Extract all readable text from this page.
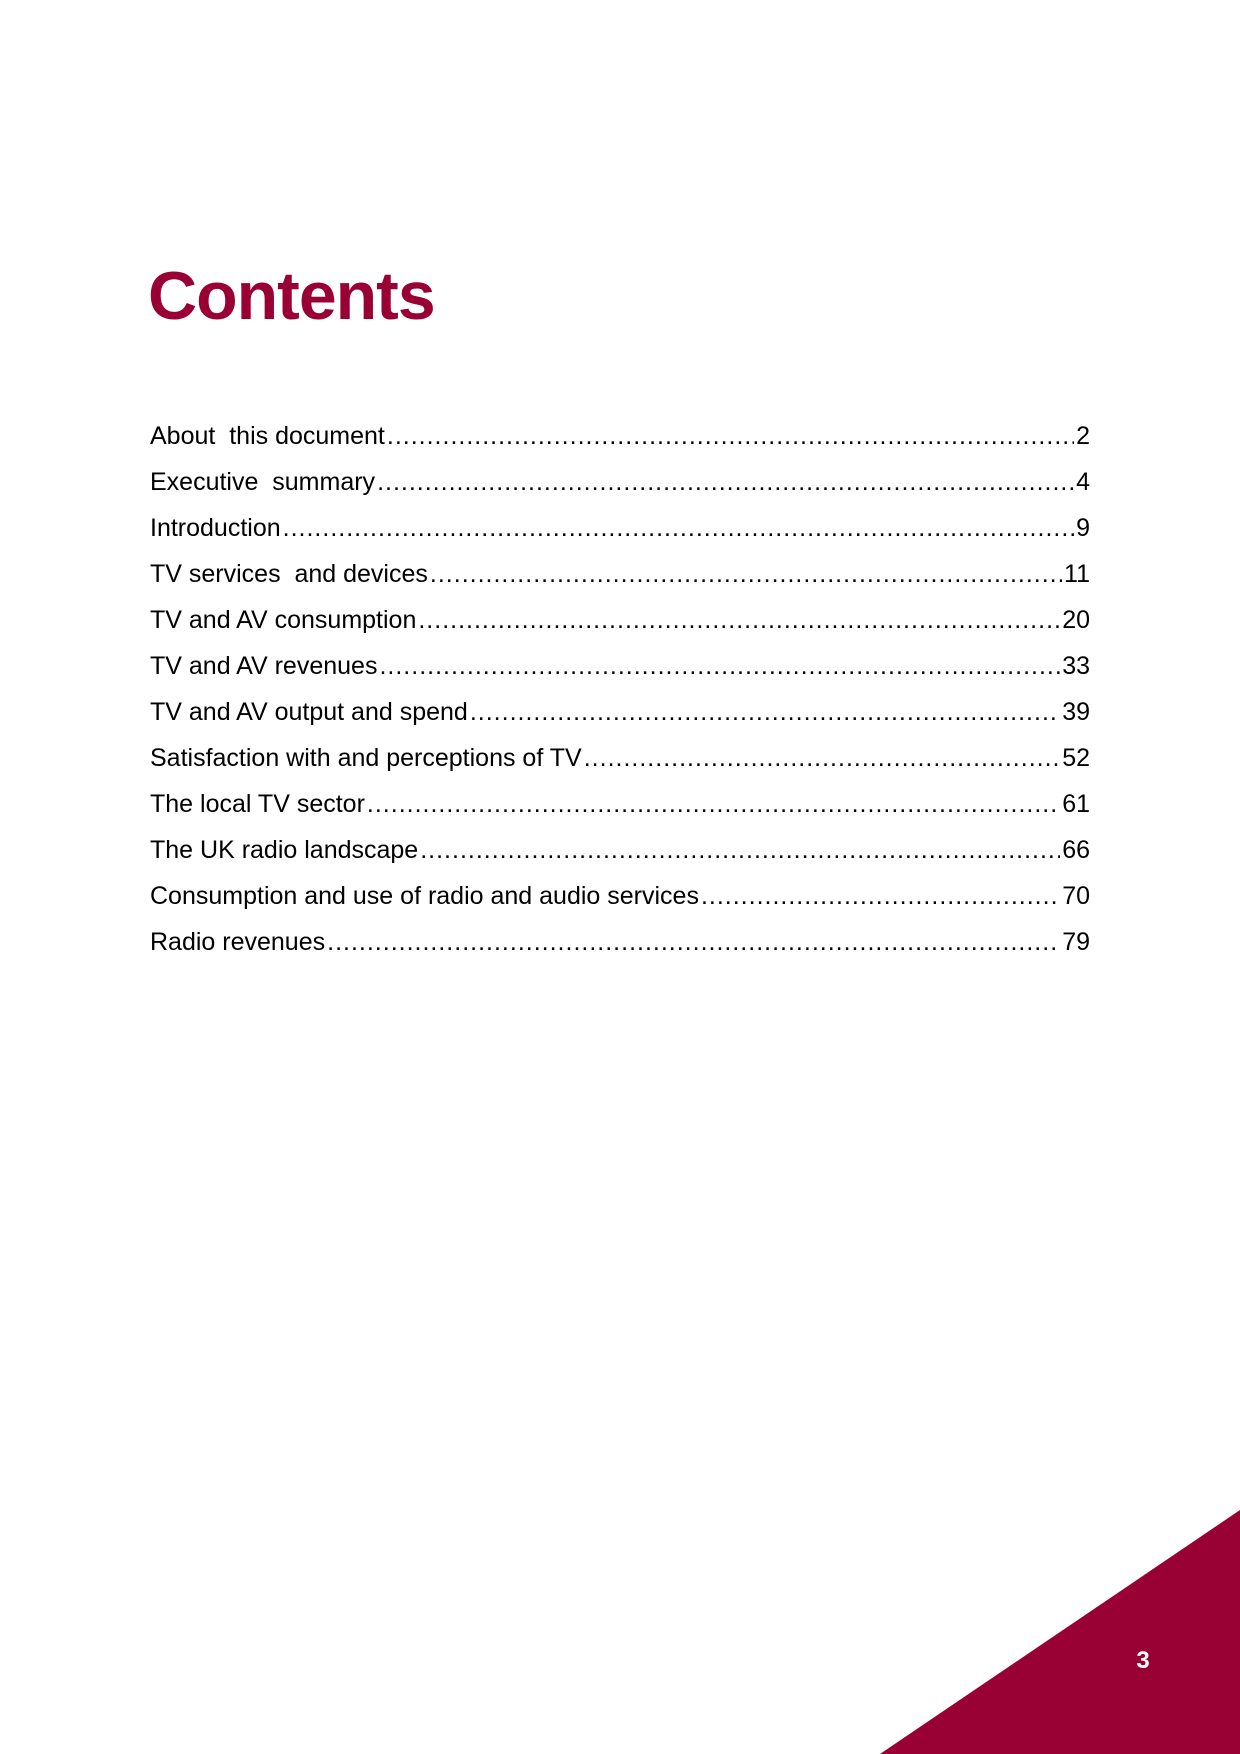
Contents
About  this document .....	2
Executive  summary .....	4
Introduction .....	9
TV services  and devices .....	11
TV and AV consumption .....	20
TV and AV revenues .....	33
TV and AV output and spend .....	39
Satisfaction with and perceptions of TV .....	52
The local TV sector .....	61
The UK radio landscape .....	66
Consumption and use of radio and audio services .....	70
Radio revenues .....	79
3
